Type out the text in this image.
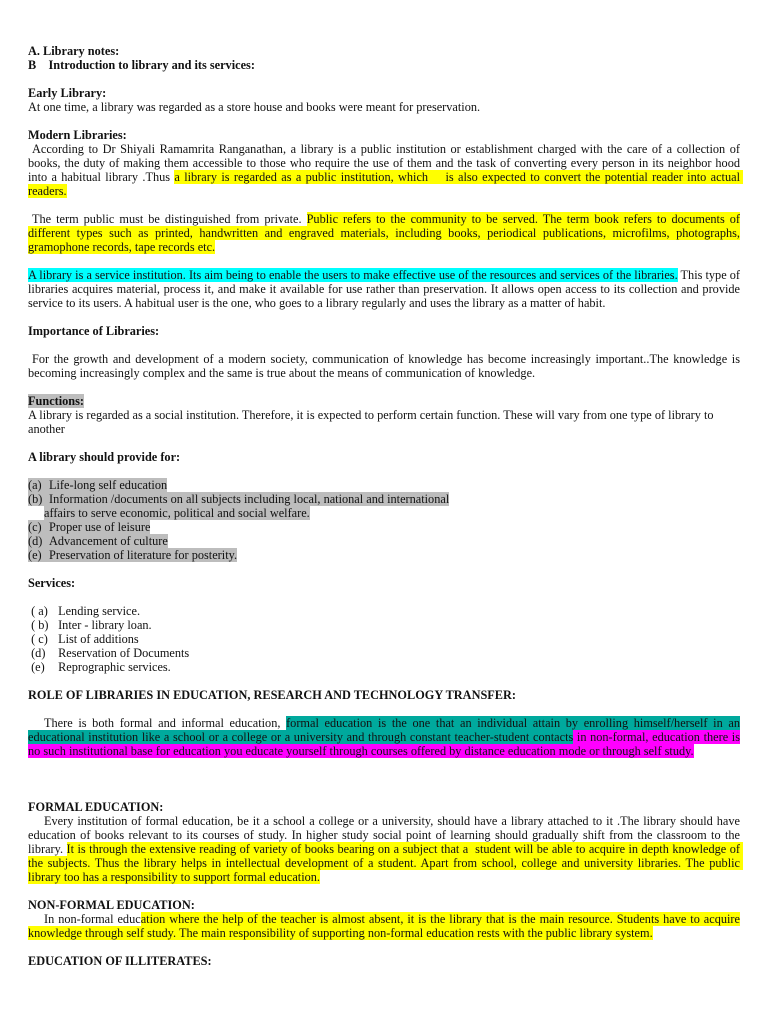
A. Library notes:
B    Introduction to library and its services:
Early Library:
At one time, a library was regarded as a store house and books were meant for preservation.
Modern Libraries:

According to Dr Shiyali Ramamrita Ranganathan, a library is a public institution or establishment charged with the care of a collection of books, the duty of making them accessible to those who require the use of them and the task of converting every person in its neighbor hood into a habitual library .Thus a library is regarded as a public institution, which    is also expected to convert the potential reader into actual readers.

The term public must be distinguished from private. Public refers to the community to be served. The term book refers to documents of different types such as printed, handwritten and engraved materials, including books, periodical publications, microfilms, photographs, gramophone records, tape records etc.

A library is a service institution. Its aim being to enable the users to make effective use of the resources and services of the libraries. This type of libraries acquires material, process it, and make it available for use rather than preservation. It allows open access to its collection and provide service to its users. A habitual user is the one, who goes to a library regularly and uses the library as a matter of habit.

Importance of Libraries:

For the growth and development of a modern society, communication of knowledge has become increasingly important..The knowledge is becoming increasingly complex and the same is true about the means of communication of knowledge.

Functions:
A library is regarded as a social institution. Therefore, it is expected to perform certain function. These will vary from one type of library to another
A library should provide for:
(a) Life-long self education
(b) Information /documents on all subjects including local, national and international
affairs to serve economic, political and social welfare.
(c) Proper use of leisure
(d) Advancement of culture
(e) Preservation of literature for posterity.
Services:
( a) Lending service.
( b) Inter - library loan.
( c) List of additions
(d) Reservation of Documents
(e) Reprographic services.
ROLE OF LIBRARIES IN EDUCATION, RESEARCH AND TECHNOLOGY TRANSFER:

There is both formal and informal education, formal education is the one that an individual attain by enrolling himself/herself in an educational institution like a school or a college or a university and through constant teacher-student contacts in non-formal, education there is no such institutional base for education you educate yourself through courses offered by distance education mode or through self study.

FORMAL EDUCATION:

Every institution of formal education, be it a school a college or a university, should have a library attached to it .The library should have education of books relevant to its courses of study. In higher study social point of learning should gradually shift from the classroom to the library. It is through the extensive reading of variety of books bearing on a subject that a  student will be able to acquire in depth knowledge of the subjects. Thus the library helps in intellectual development of a student. Apart from school, college and university libraries. The public library too has a responsibility to support formal education.

NON-FORMAL EDUCATION:

In non-formal education where the help of the teacher is almost absent, it is the library that is the main resource. Students have to acquire knowledge through self study. The main responsibility of supporting non-formal education rests with the public library system.

EDUCATION OF ILLITERATES:
